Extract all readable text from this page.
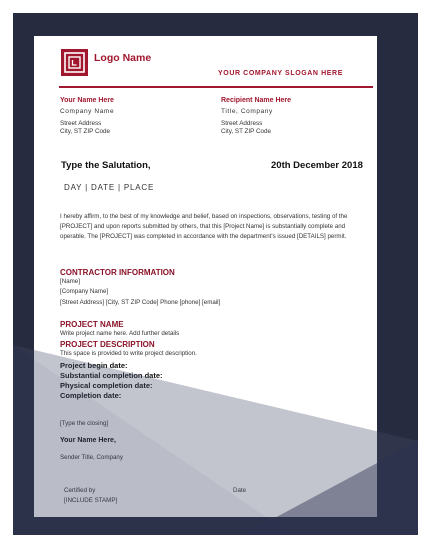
Logo Name
YOUR COMPANY SLOGAN HERE
Your Name Here
Company Name
Street Address
City, ST ZIP Code
Recipient Name Here
Title, Company
Street Address
City, ST ZIP Code
Type the Salutation,	20th December 2018
DAY | DATE | PLACE
I hereby affirm, to the best of my knowledge and belief, based on inspections, observations, testing of the [PROJECT] and upon reports submitted by others, that this [Project Name] is substantially complete and operable. The [PROJECT] was completed in accordance with the department's issued [DETAILS] permit.
CONTRACTOR INFORMATION
[Name]
[Company Name]
[Street Address] [City, ST ZIP Code] Phone [phone] [email]
PROJECT NAME
Write project name here. Add further details
PROJECT DESCRIPTION
This space is provided to write project description.
Project begin date:
Substantial completion date:
Physical completion date:
Completion date:
[Type the closing]
Your Name Here,
Sender Title, Company
Certified by
[INCLUDE STAMP]
Date
